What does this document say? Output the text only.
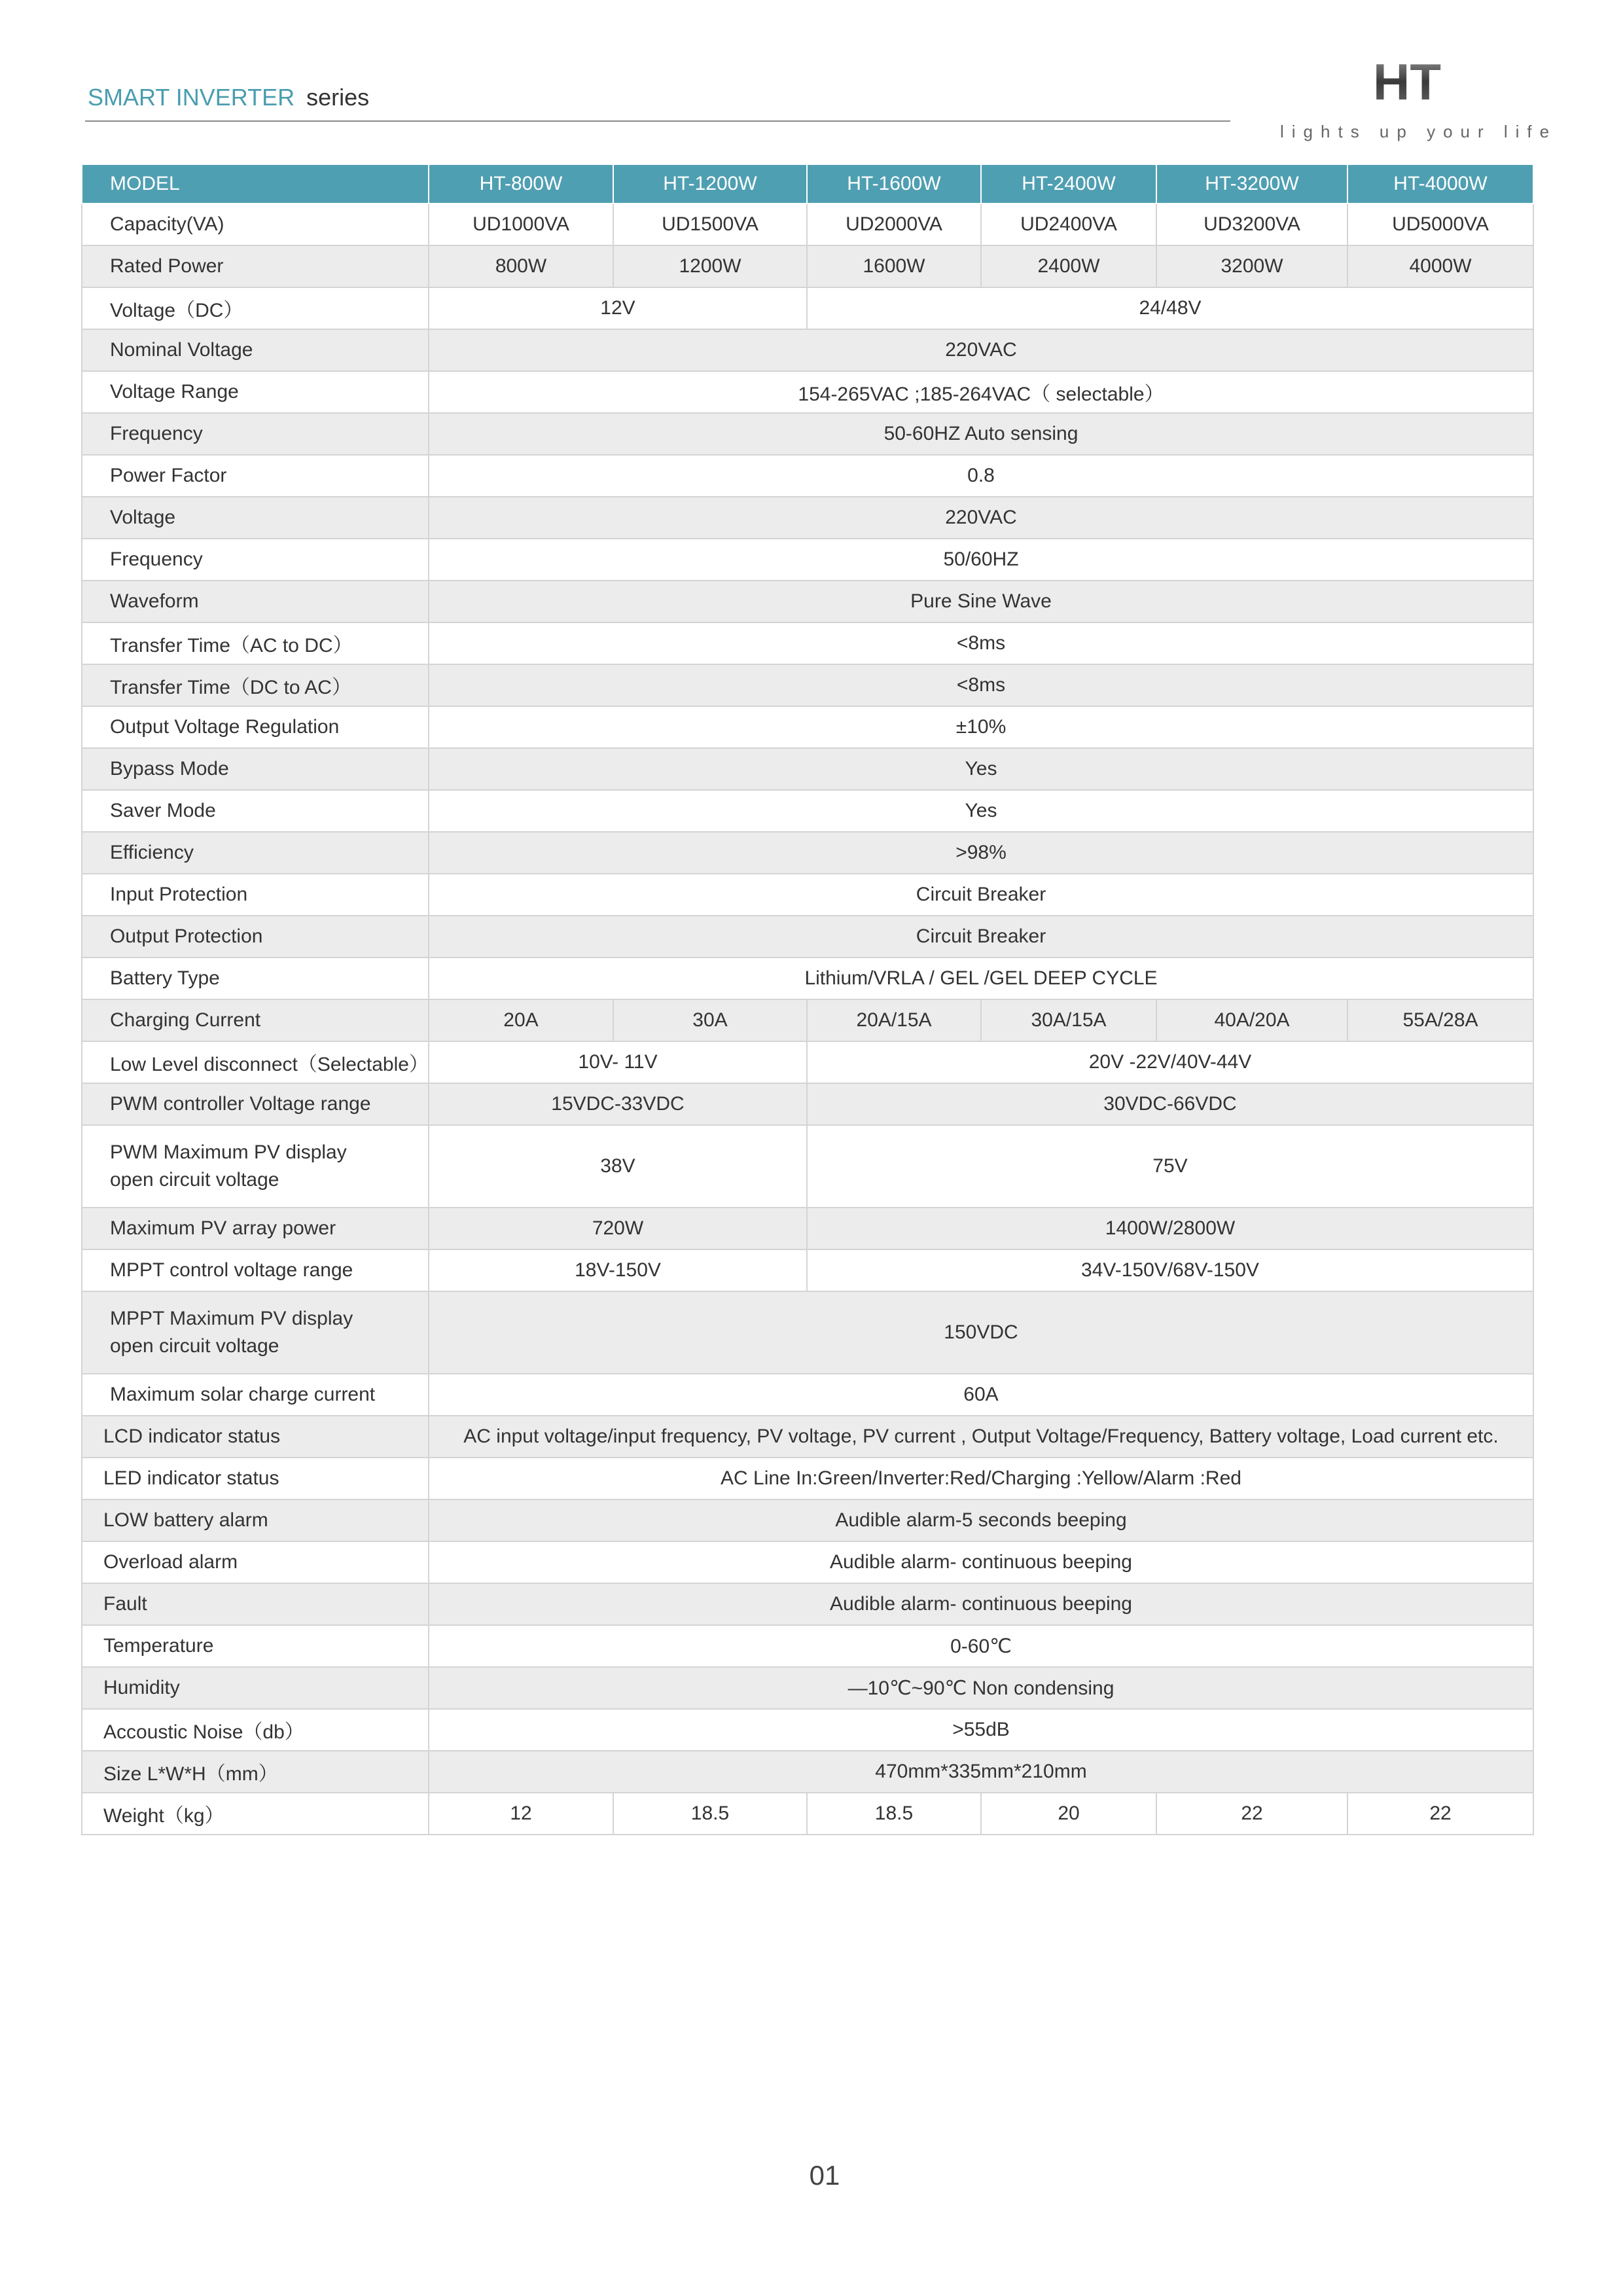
SMART INVERTER series	HT
lights up your life
MODEL	HT-800W	HT-1200W	HT-1600W	HT-2400W	HT-3200W	HT-4000W
Capacity(VA)	UD1000VA	UD1500VA	UD2000VA	UD2400VA	UD3200VA	UD5000VA
Rated Power	800W	1200W	1600W	2400W	3200W	4000W
Voltage（DC）	12V		24/48V			
Nominal Voltage	220VAC					
Voltage Range	154-265VAC ;185-264VAC（ selectable）					
Frequency	50-60HZ Auto sensing					
Power Factor	0.8					
Voltage	220VAC					
Frequency	50/60HZ					
Waveform	Pure Sine Wave					
Transfer Time（AC to DC）	<8ms					
Transfer Time（DC to AC）	<8ms					
Output Voltage Regulation	±10%					
Bypass Mode	Yes					
Saver Mode	Yes					
Efficiency	>98%					
Input Protection	Circuit Breaker					
Output Protection	Circuit Breaker					
Battery Type	Lithium/VRLA / GEL /GEL DEEP CYCLE					
Charging Current	20A	30A	20A/15A	30A/15A	40A/20A	55A/28A
Low Level disconnect（Selectable）	10V- 11V		20V -22V/40V-44V			
PWM controller Voltage range	15VDC-33VDC		30VDC-66VDC			
PWM Maximum PV display
open circuit voltage	38V		75V			
Maximum PV array power	720W		1400W/2800W			
MPPT control voltage range	18V-150V		34V-150V/68V-150V			
MPPT Maximum PV display
open circuit voltage	150VDC					
Maximum solar charge current	60A					
LCD indicator status	AC input voltage/input frequency, PV voltage, PV current , Output Voltage/Frequency, Battery voltage, Load current etc.					
LED indicator status	AC Line In:Green/Inverter:Red/Charging :Yellow/Alarm :Red					
LOW battery alarm	Audible alarm-5 seconds beeping					
Overload alarm	Audible alarm- continuous beeping					
Fault	Audible alarm- continuous beeping					
Temperature	0-60℃					
Humidity	—10℃~90℃ Non condensing					
Accoustic Noise（db）	>55dB					
Size L*W*H（mm）	470mm*335mm*210mm					
Weight（kg）	12	18.5	18.5	20	22	22
01
